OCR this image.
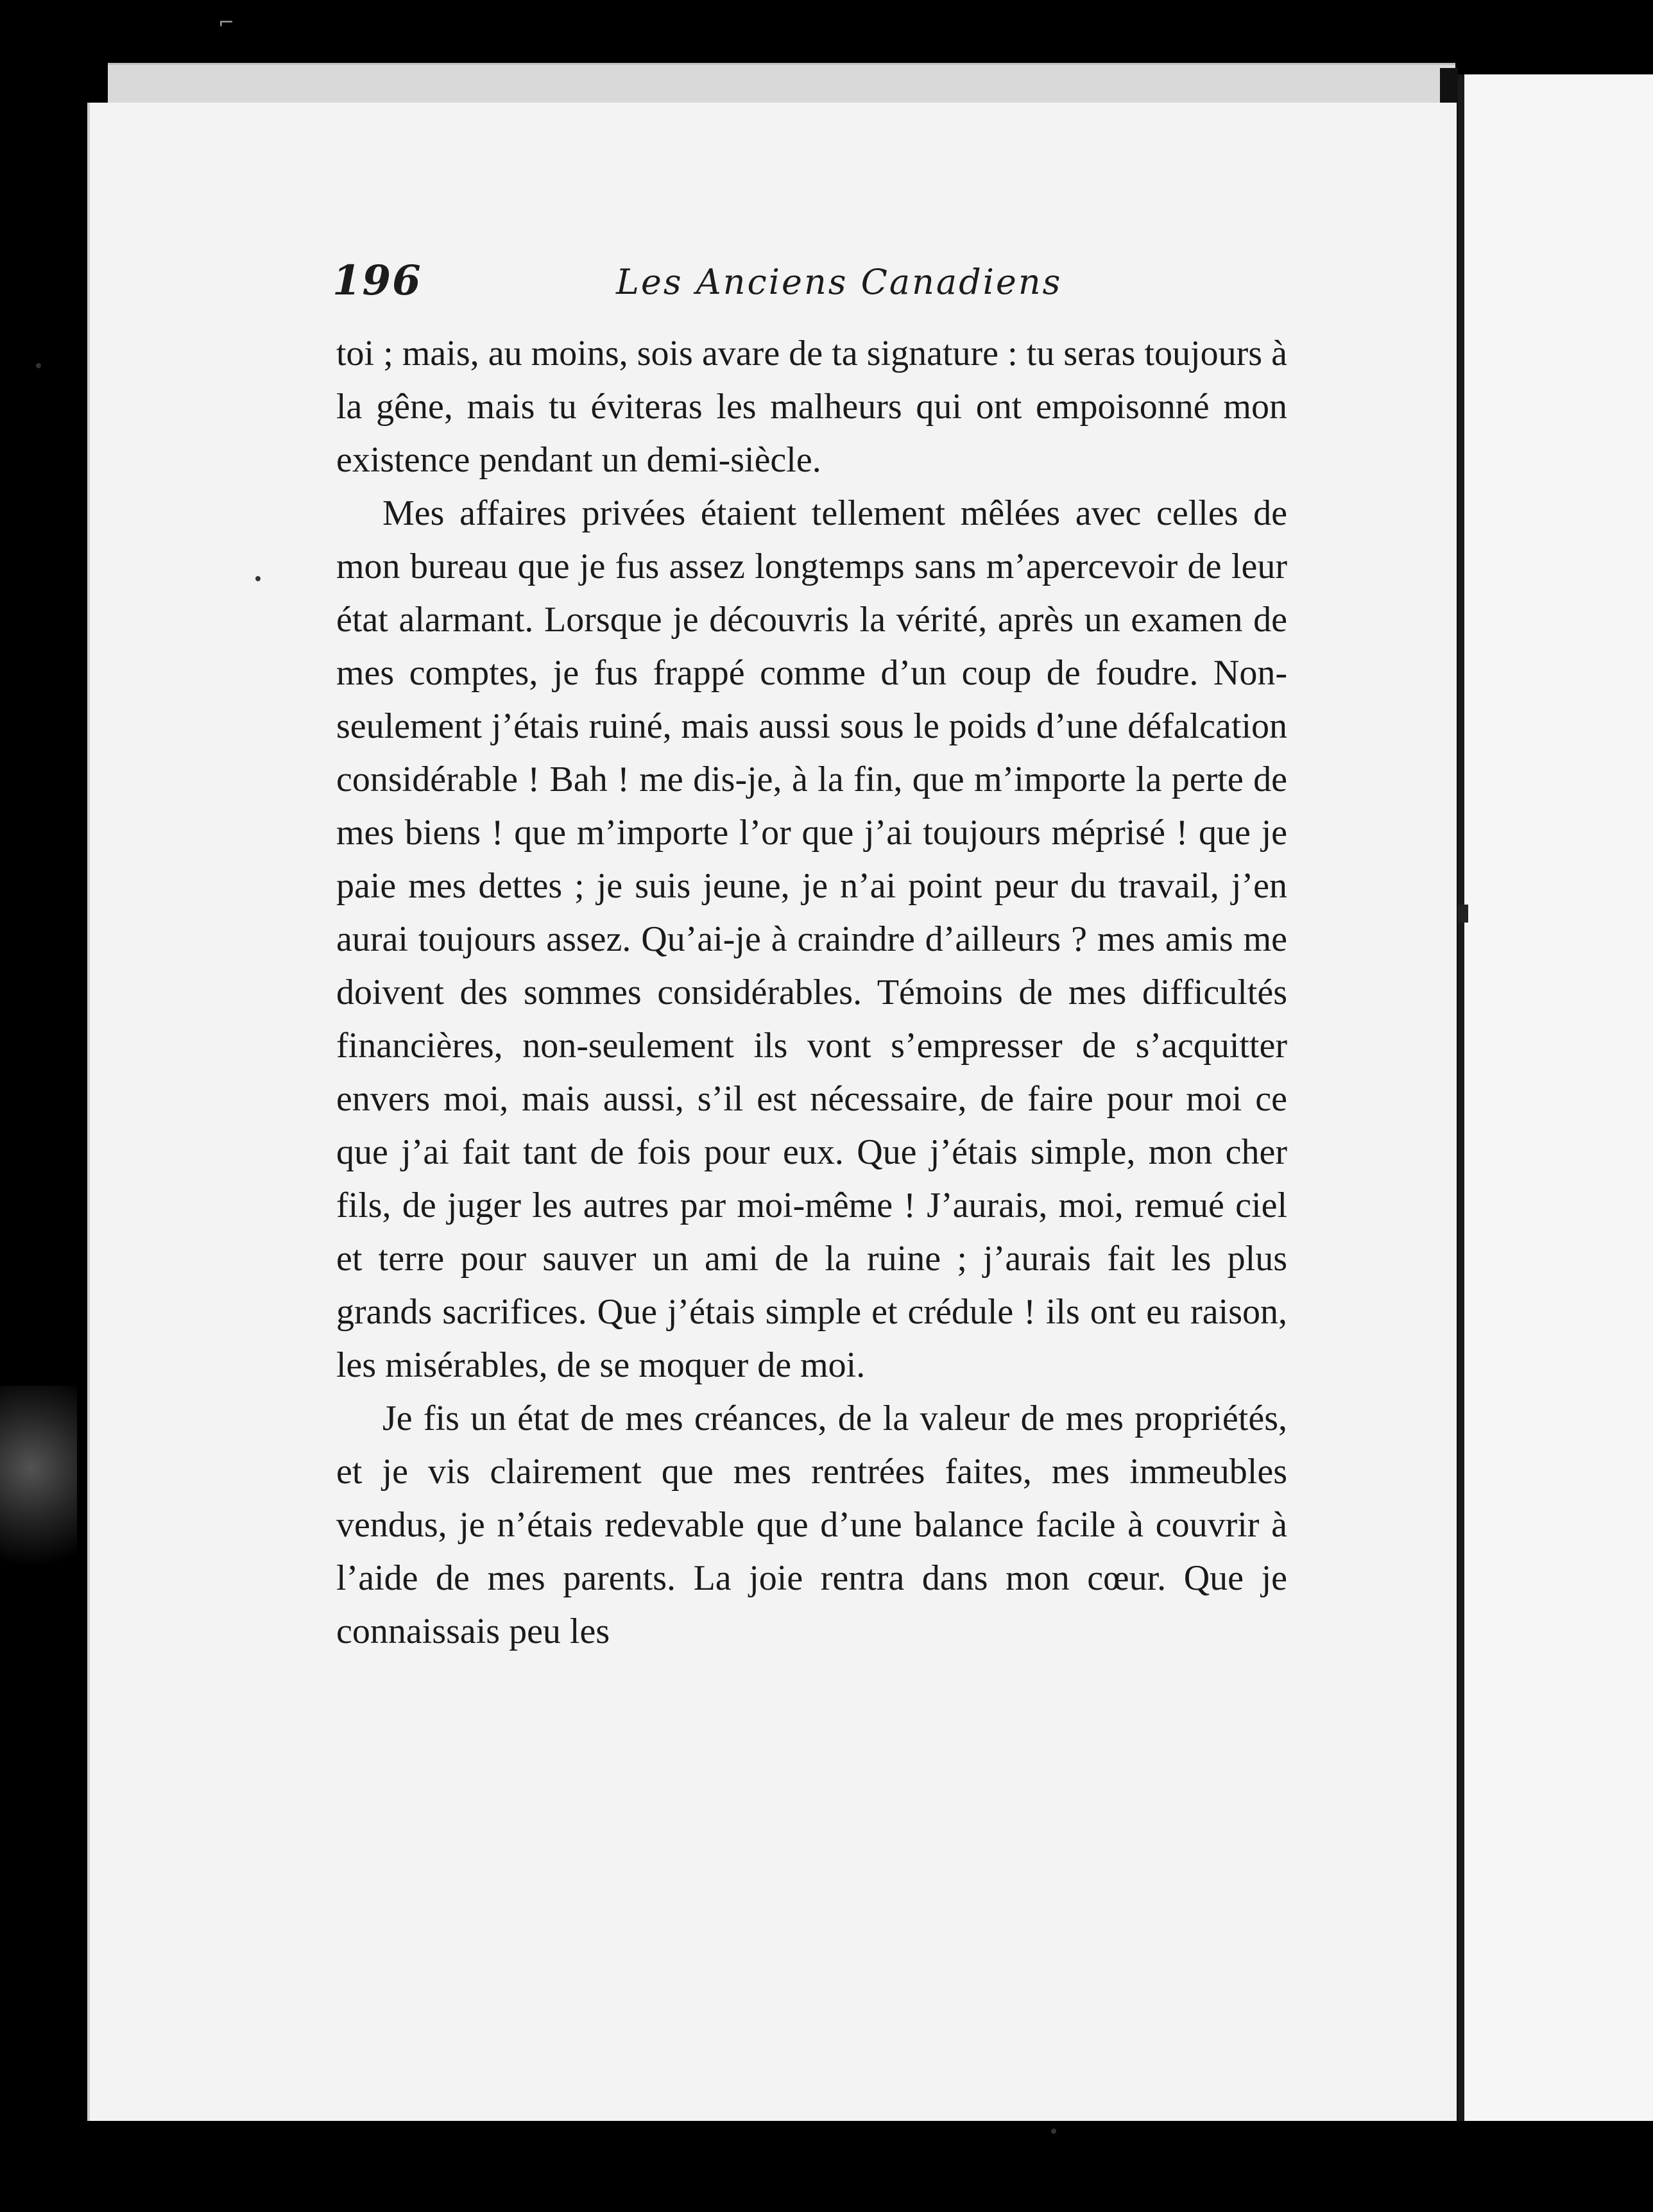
⌐
196	Les Anciens Canadiens

toi ; mais, au moins, sois avare de ta signature : tu seras toujours à la gêne, mais tu éviteras les malheurs qui ont empoisonné mon existence pendant un demi-siècle.

Mes affaires privées étaient tellement mêlées avec celles de mon bureau que je fus assez longtemps sans m’apercevoir de leur état alarmant. Lorsque je découvris la vérité, après un examen de mes comptes, je fus frappé comme d’un coup de foudre. Non-seulement j’étais ruiné, mais aussi sous le poids d’une défalcation considérable ! Bah ! me dis-je, à la fin, que m’importe la perte de mes biens ! que m’importe l’or que j’ai toujours méprisé ! que je paie mes dettes ; je suis jeune, je n’ai point peur du travail, j’en aurai toujours assez. Qu’ai-je à craindre d’ailleurs ? mes amis me doivent des sommes considérables. Témoins de mes difficultés financières, non-seulement ils vont s’empresser de s’acquitter envers moi, mais aussi, s’il est nécessaire, de faire pour moi ce que j’ai fait tant de fois pour eux. Que j’étais simple, mon cher fils, de juger les autres par moi-même ! J’aurais, moi, remué ciel et terre pour sauver un ami de la ruine ; j’aurais fait les plus grands sacrifices. Que j’étais simple et crédule ! ils ont eu raison, les misérables, de se moquer de moi.

Je fis un état de mes créances, de la valeur de mes propriétés, et je vis clairement que mes rentrées faites, mes immeubles vendus, je n’étais redevable que d’une balance facile à couvrir à l’aide de mes parents. La joie rentra dans mon cœur. Que je connaissais peu les
